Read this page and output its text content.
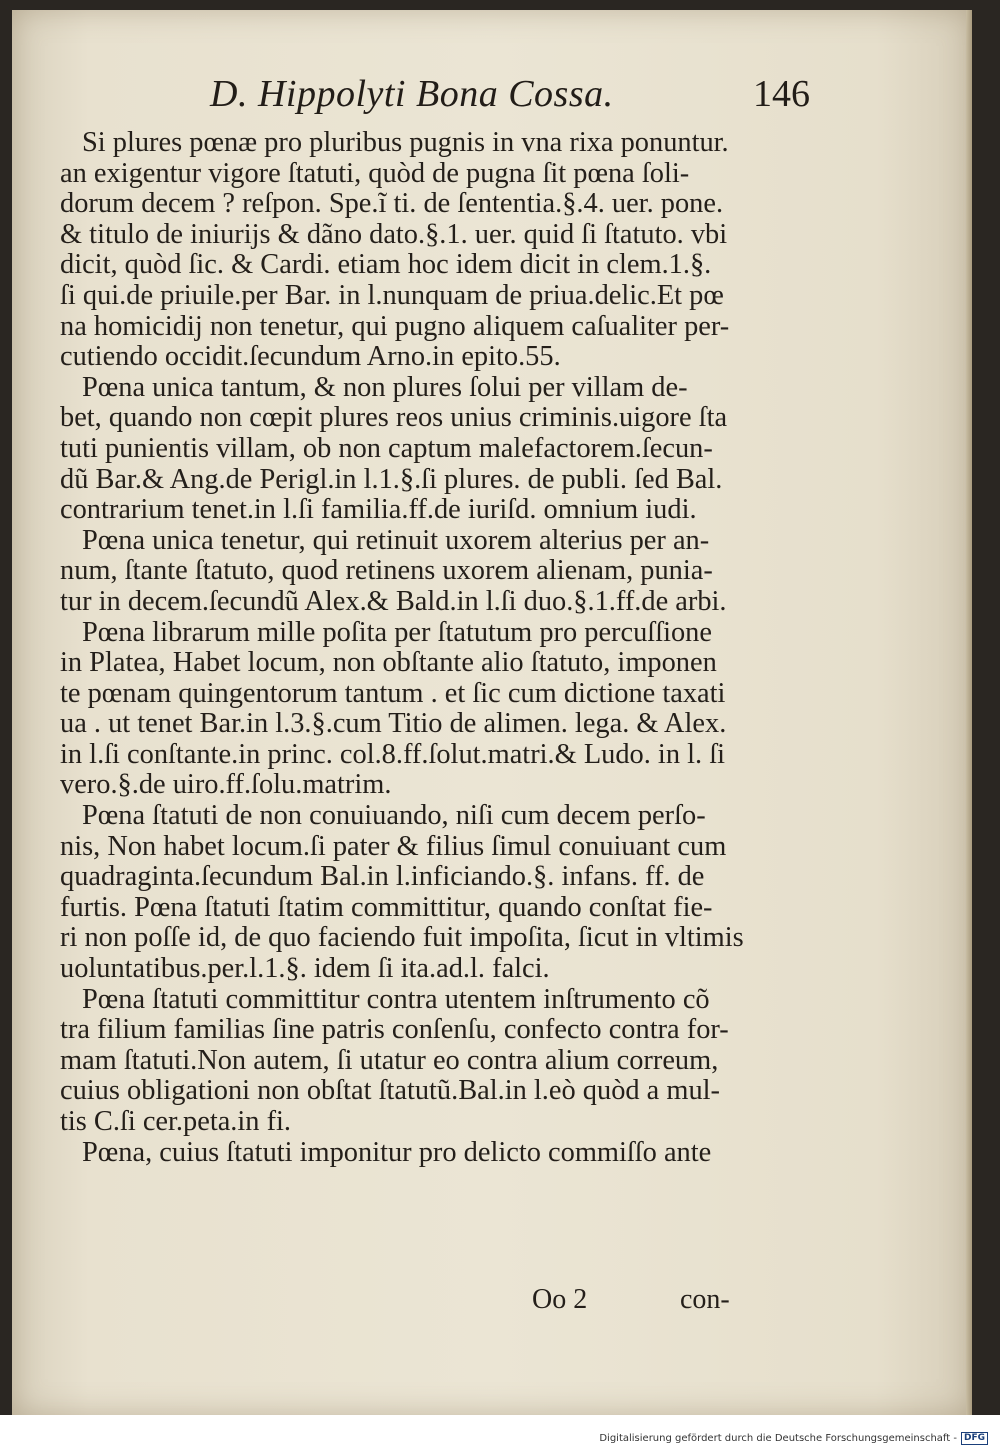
D. Hippolyti Bona Cossa.	146
Si plures pœnæ pro pluribus pugnis in vna rixa ponuntur.
an exigentur vigore ſtatuti, quòd de pugna ſit pœna ſoli-
dorum decem ? reſpon. Spe.ĩ ti. de ſententia.§.4. uer. pone.
& titulo de iniurijs & dãno dato.§.1. uer. quid ſi ſtatuto. vbi
dicit, quòd ſic. & Cardi. etiam hoc idem dicit in clem.1.§.
ſi qui.de priuile.per Bar. in l.nunquam de priua.delic.Et pœ
na homicidij non tenetur, qui pugno aliquem caſualiter per-
cutiendo occidit.ſecundum Arno.in epito.55.
Pœna unica tantum, & non plures ſolui per villam de-
bet, quando non cœpit plures reos unius criminis.uigore ſta
tuti punientis villam, ob non captum malefactorem.ſecun-
dũ Bar.& Ang.de Perigl.in l.1.§.ſi plures. de publi. ſed Bal.
contrarium tenet.in l.ſi familia.ff.de iuriſd. omnium iudi.
Pœna unica tenetur, qui retinuit uxorem alterius per an-
num, ſtante ſtatuto, quod retinens uxorem alienam, punia-
tur in decem.ſecundũ Alex.& Bald.in l.ſi duo.§.1.ff.de arbi.
Pœna librarum mille poſita per ſtatutum pro percuſſione
in Platea, Habet locum, non obſtante alio ſtatuto, imponen
te pœnam quingentorum tantum . et ſic cum dictione taxati
ua . ut tenet Bar.in l.3.§.cum Titio de alimen. lega. & Alex.
in l.ſi conſtante.in princ. col.8.ff.ſolut.matri.& Ludo. in l. ſi
vero.§.de uiro.ff.ſolu.matrim.
Pœna ſtatuti de non conuiuando, niſi cum decem perſo-
nis, Non habet locum.ſi pater & filius ſimul conuiuant cum
quadraginta.ſecundum Bal.in l.inficiando.§. infans. ff. de
furtis. Pœna ſtatuti ſtatim committitur, quando conſtat fie-
ri non poſſe id, de quo faciendo fuit impoſita, ſicut in vltimis
uoluntatibus.per.l.1.§. idem ſi ita.ad.l. falci.
Pœna ſtatuti committitur contra utentem inſtrumento cõ
tra filium familias ſine patris conſenſu, confecto contra for-
mam ſtatuti.Non autem, ſi utatur eo contra alium correum,
cuius obligationi non obſtat ſtatutũ.Bal.in l.eò quòd a mul-
tis C.ſi cer.peta.in fi.
Pœna, cuius ſtatuti imponitur pro delicto commiſſo ante
Oo 2	con-
Digitalisierung gefördert durch die Deutsche Forschungsgemeinschaft - DFG
